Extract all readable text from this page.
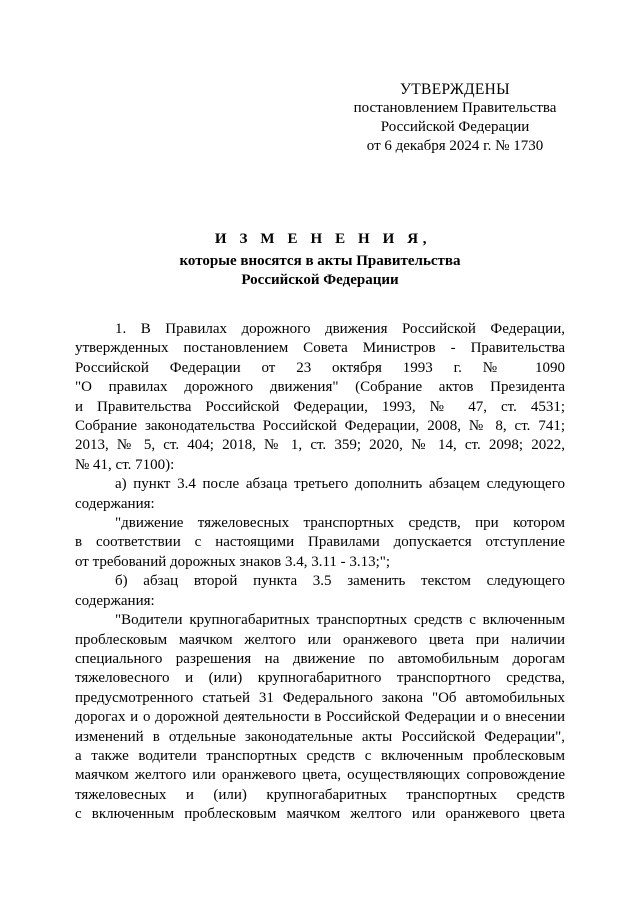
УТВЕРЖДЕНЫ
постановлением Правительства
Российской Федерации
от 6 декабря 2024 г. № 1730
И З М Е Н Е Н И Я,
которые вносятся в акты Правительства
Российской Федерации
1. В Правилах дорожного движения Российской Федерации,
утвержденных постановлением Совета Министров - Правительства
Российской Федерации от 23 октября 1993 г. № 1090
"О правилах дорожного движения" (Собрание актов Президента
и Правительства Российской Федерации, 1993, № 47, ст. 4531;
Собрание законодательства Российской Федерации, 2008, № 8, ст. 741;
2013, № 5, ст. 404; 2018, № 1, ст. 359; 2020, № 14, ст. 2098; 2022,
№ 41, ст. 7100):
а) пункт 3.4 после абзаца третьего дополнить абзацем следующего
содержания:
"движение тяжеловесных транспортных средств, при котором
в соответствии с настоящими Правилами допускается отступление
от требований дорожных знаков 3.4, 3.11 - 3.13;";
б) абзац второй пункта 3.5 заменить текстом следующего
содержания:
"Водители крупногабаритных транспортных средств с включенным
проблесковым маячком желтого или оранжевого цвета при наличии
специального разрешения на движение по автомобильным дорогам
тяжеловесного и (или) крупногабаритного транспортного средства,
предусмотренного статьей 31 Федерального закона "Об автомобильных
дорогах и о дорожной деятельности в Российской Федерации и о внесении
изменений в отдельные законодательные акты Российской Федерации",
а также водители транспортных средств с включенным проблесковым
маячком желтого или оранжевого цвета, осуществляющих сопровождение
тяжеловесных и (или) крупногабаритных транспортных средств
с включенным проблесковым маячком желтого или оранжевого цвета
